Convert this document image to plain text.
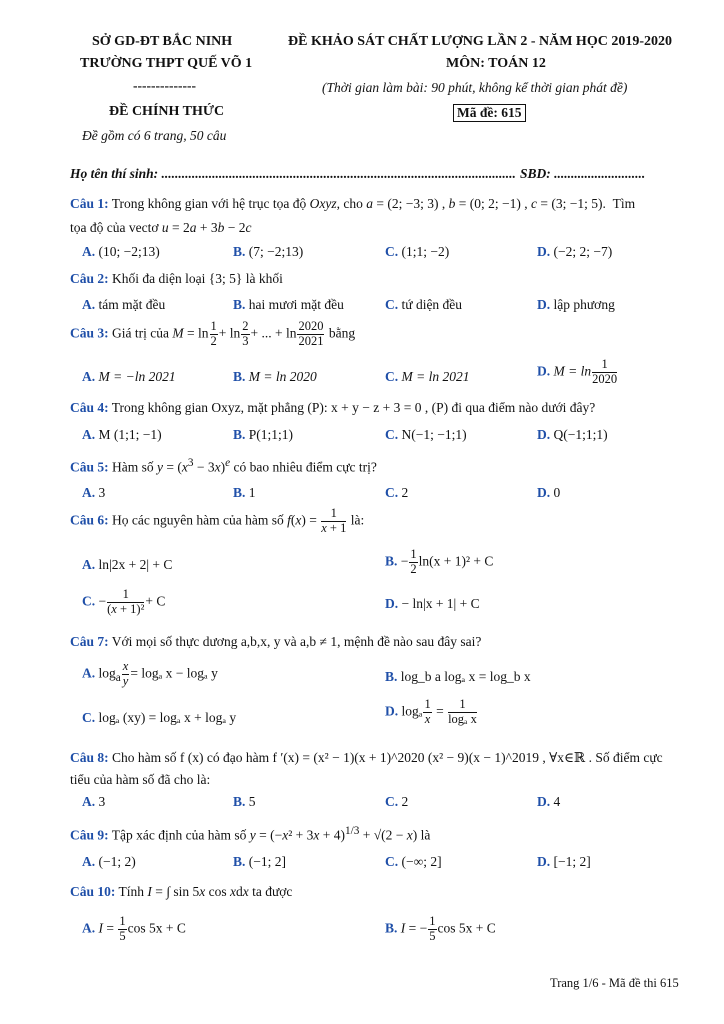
SỞ GD-ĐT BẮC NINH
TRƯỜNG THPT QUẾ VÕ 1
--------------
ĐỀ CHÍNH THỨC
Đề gồm có 6 trang, 50 câu
ĐỀ KHẢO SÁT CHẤT LƯỢNG LẦN 2 - NĂM HỌC 2019-2020
MÔN: TOÁN 12
(Thời gian làm bài: 90 phút, không kể thời gian phát đề)
Mã đề: 615
Họ tên thí sinh: ......................................................................................................... SBD: ...........................
Câu 1: Trong không gian với hệ trục tọa độ Oxyz, cho a = (2; −3; 3) , b = (0; 2; −1) , c = (3; −1; 5).  Tìm
tọa độ của vectơ u = 2a + 3b − 2c
A. (10; −2;13)	B. (7; −2;13)	C. (1;1; −2)	D. (−2; 2; −7)
Câu 2: Khối đa diện loại {3; 5} là khối
A. tám mặt đều	B. hai mươi mặt đều	C. tứ diện đều	D. lập phương
Câu 3: Giá trị của $M = \ln \frac{1}{2} + \ln \frac{2}{3}$ + ... + $\ln \frac{2020}{2021}$ bằng
A. M = −ln 2021	B. M = ln 2020	C. M = ln 2021	D. $M = \ln \frac{1}{2020}$
Câu 4: Trong không gian Oxyz, mặt phẳng (P): x + y − z + 3 = 0 , (P) đi qua điểm nào dưới đây?
A. M (1;1; −1)	B. P(1;1;1)	C. N(−1; −1;1)	D. Q(−1;1;1)
Câu 5: Hàm số $y = (x^3 - 3x)^e$ có bao nhiêu điểm cực trị?
A. 3	B. 1	C. 2	D. 0
Câu 6: Họ các nguyên hàm của hàm số $f(x) = \frac{1}{x + 1}$ là:
A. ln|2x + 2| + C	B. − $\frac{1}{2} \ln(x + 1)^2 + C$
C. − $\frac{1}{\text{(x + 1)²}} + C$	D. − ln|x + 1| + C
Câu 7: Với mọi số thực dương a,b,x, y và a,b ≠ 1, mệnh đề nào sau đây sai?
A. $\log_a \frac{x}{y} = \log_a$ x − logₐ y	B. log_b a logₐ x = log_b x
C. logₐ (xy) = logₐ x + logₐ y	D. logₐ $\frac{1}{x} = \frac{1}{\text{logₐ x}}$
Câu 8: Cho hàm số f (x) có đạo hàm f ′(x) = (x² − 1)(x + 1)^2020 (x² − 9)(x − 1)^2019 , ∀x∈ℝ . Số điểm cực
tiểu của hàm số đã cho là:
A. 3	B. 5	C. 2	D. 4
Câu 9: Tập xác định của hàm số $y = (-x^2 + 3x + 4)^{1/3} + √(2 - x)$ là
A. (−1; 2)	B. (−1; 2]	C. (−∞; 2]	D. [−1; 2]
Câu 10: Tính I = ∫ sin 5x cos xdx ta được
A. $I = \frac{1}{5}$ cos 5x + C	B. I = − $\frac{1}{5}$ cos 5x + C
Trang 1/6 - Mã đề thi 615
